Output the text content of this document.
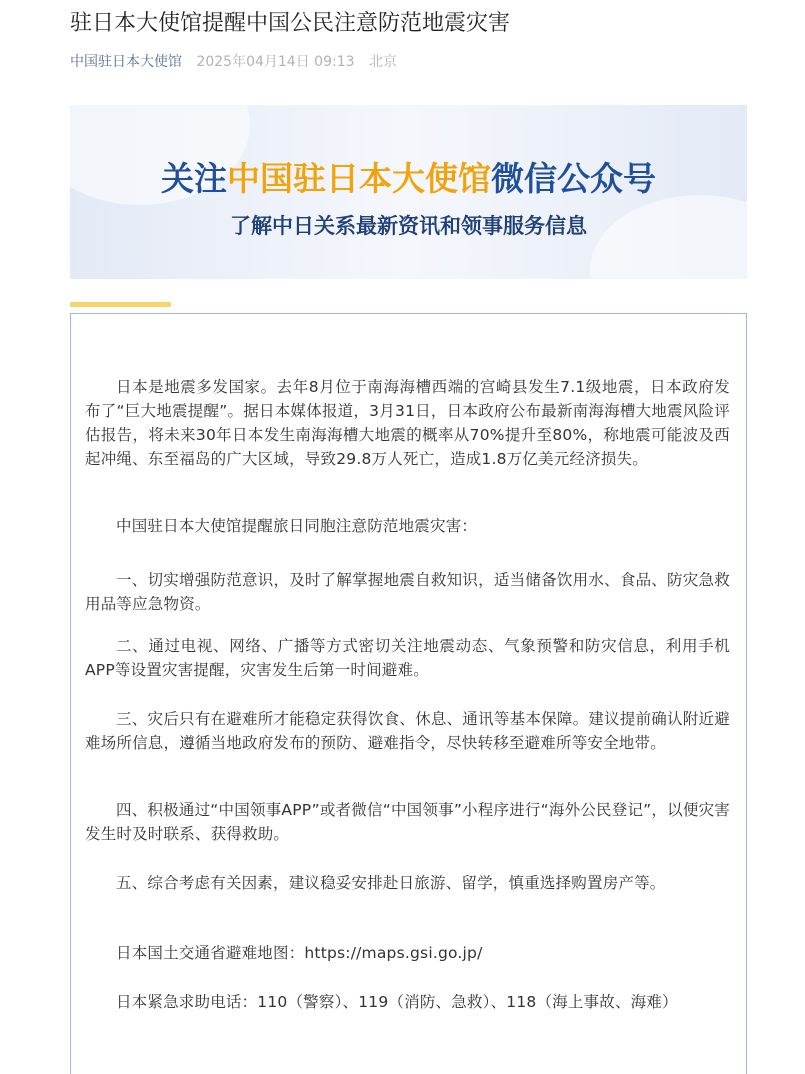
驻日本大使馆提醒中国公民注意防范地震灾害
中国驻日本大使馆 2025年04月14日 09:13 北京
关注中国驻日本大使馆微信公众号
了解中日关系最新资讯和领事服务信息

日本是地震多发国家。去年8月位于南海海槽西端的宫崎县发生7.1级地震，日本政府发布了“巨大地震提醒”。据日本媒体报道，3月31日，日本政府公布最新南海海槽大地震风险评估报告，将未来30年日本发生南海海槽大地震的概率从70%提升至80%，称地震可能波及西起冲绳、东至福岛的广大区域，导致29.8万人死亡，造成1.8万亿美元经济损失。

中国驻日本大使馆提醒旅日同胞注意防范地震灾害：

一、切实增强防范意识，及时了解掌握地震自救知识，适当储备饮用水、食品、防灾急救用品等应急物资。

二、通过电视、网络、广播等方式密切关注地震动态、气象预警和防灾信息，利用手机APP等设置灾害提醒，灾害发生后第一时间避难。

三、灾后只有在避难所才能稳定获得饮食、休息、通讯等基本保障。建议提前确认附近避难场所信息，遵循当地政府发布的预防、避难指令，尽快转移至避难所等安全地带。

四、积极通过“中国领事APP”或者微信“中国领事”小程序进行“海外公民登记”，以便灾害发生时及时联系、获得救助。

五、综合考虑有关因素，建议稳妥安排赴日旅游、留学，慎重选择购置房产等。

日本国土交通省避难地图：https://maps.gsi.go.jp/

日本紧急求助电话：110（警察）、119（消防、急救）、118（海上事故、海难）
